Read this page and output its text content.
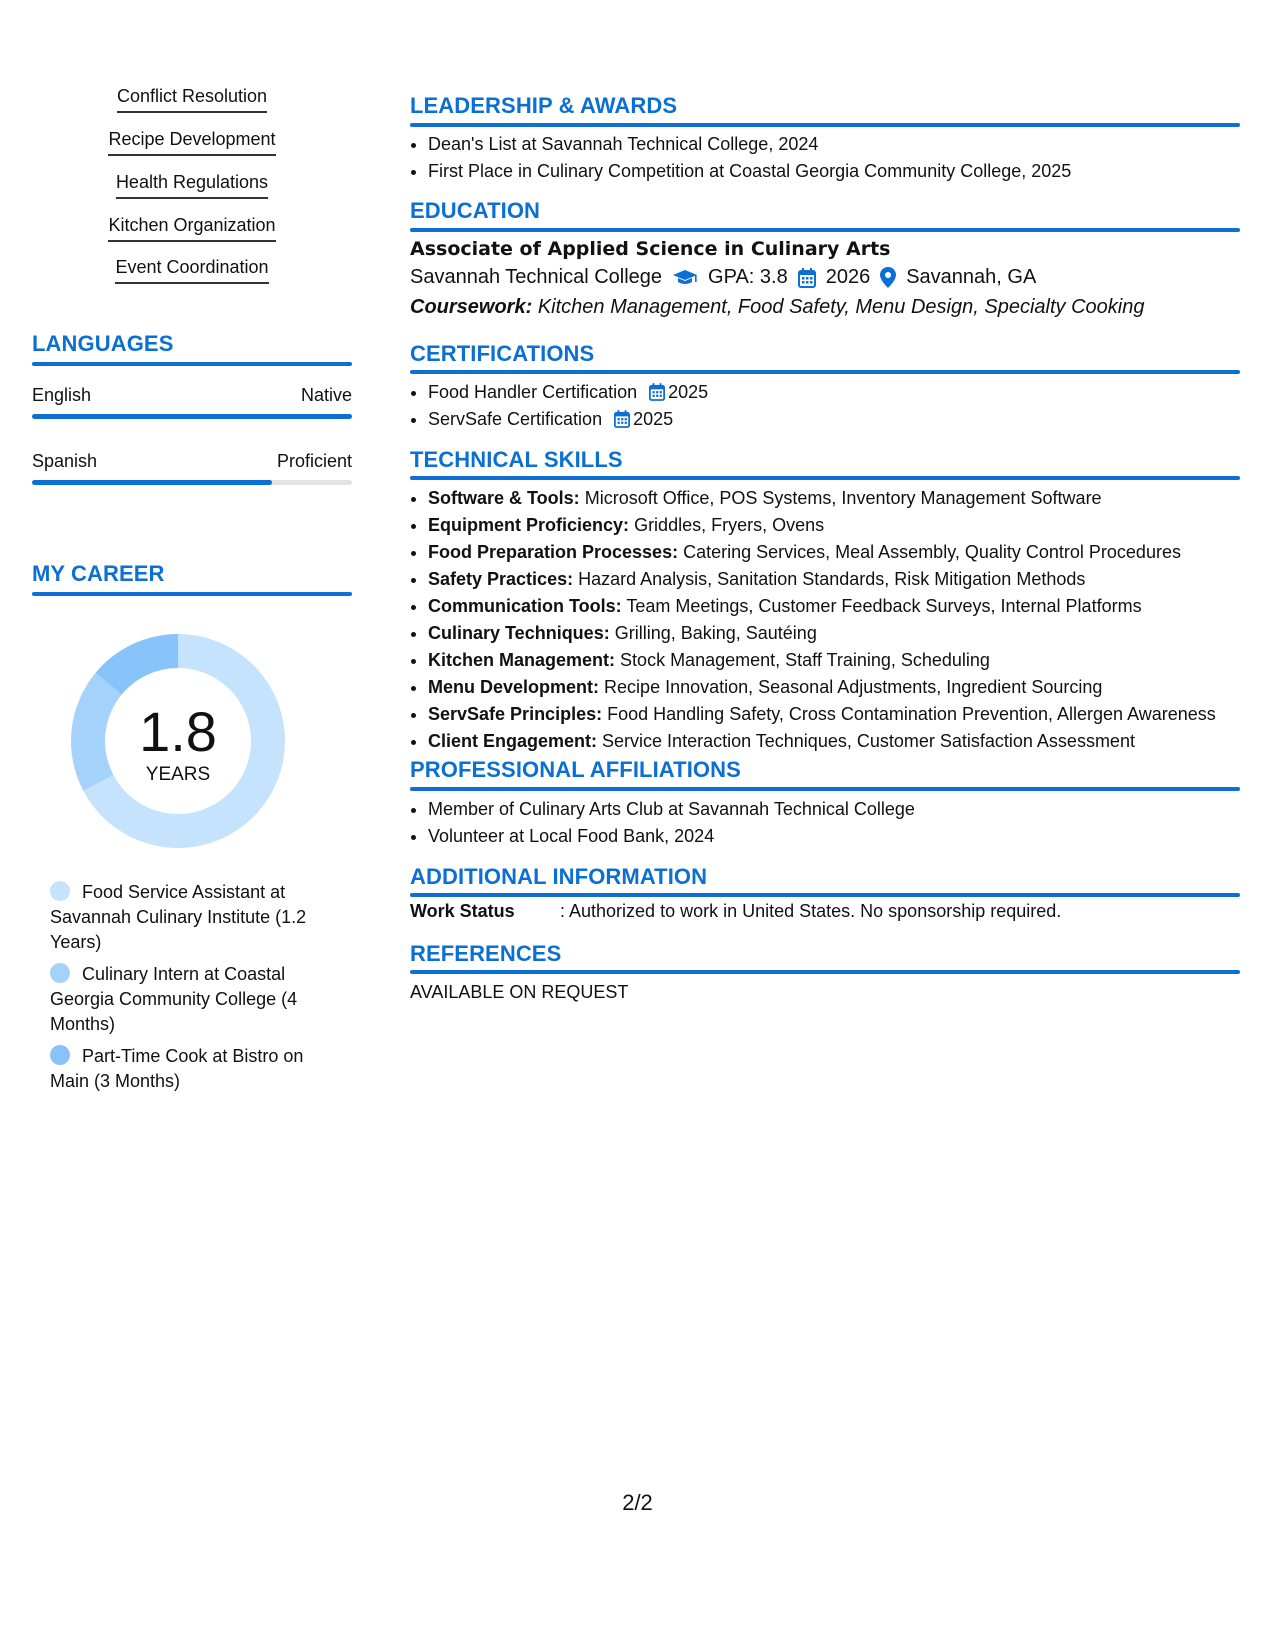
Conflict Resolution
Recipe Development
Health Regulations
Kitchen Organization
Event Coordination
LANGUAGES
English	Native
Spanish	Proficient
MY CAREER
1.8
YEARS
Food Service Assistant at Savannah Culinary Institute (1.2 Years)
Culinary Intern at Coastal Georgia Community College (4 Months)
Part-Time Cook at Bistro on Main (3 Months)
LEADERSHIP & AWARDS
• Dean's List at Savannah Technical College, 2024
• First Place in Culinary Competition at Coastal Georgia Community College, 2025
EDUCATION
Associate of Applied Science in Culinary Arts
Savannah Technical College GPA: 3.8 2026 Savannah, GA
Coursework: Kitchen Management, Food Safety, Menu Design, Specialty Cooking
CERTIFICATIONS
• Food Handler Certification 2025
• ServSafe Certification 2025
TECHNICAL SKILLS
• Software & Tools: Microsoft Office, POS Systems, Inventory Management Software
• Equipment Proficiency: Griddles, Fryers, Ovens
• Food Preparation Processes: Catering Services, Meal Assembly, Quality Control Procedures
• Safety Practices: Hazard Analysis, Sanitation Standards, Risk Mitigation Methods
• Communication Tools: Team Meetings, Customer Feedback Surveys, Internal Platforms
• Culinary Techniques: Grilling, Baking, Sautéing
• Kitchen Management: Stock Management, Staff Training, Scheduling
• Menu Development: Recipe Innovation, Seasonal Adjustments, Ingredient Sourcing
• ServSafe Principles: Food Handling Safety, Cross Contamination Prevention, Allergen Awareness
• Client Engagement: Service Interaction Techniques, Customer Satisfaction Assessment
PROFESSIONAL AFFILIATIONS
• Member of Culinary Arts Club at Savannah Technical College
• Volunteer at Local Food Bank, 2024
ADDITIONAL INFORMATION
Work Status	: Authorized to work in United States. No sponsorship required.
REFERENCES
AVAILABLE ON REQUEST
2/2
